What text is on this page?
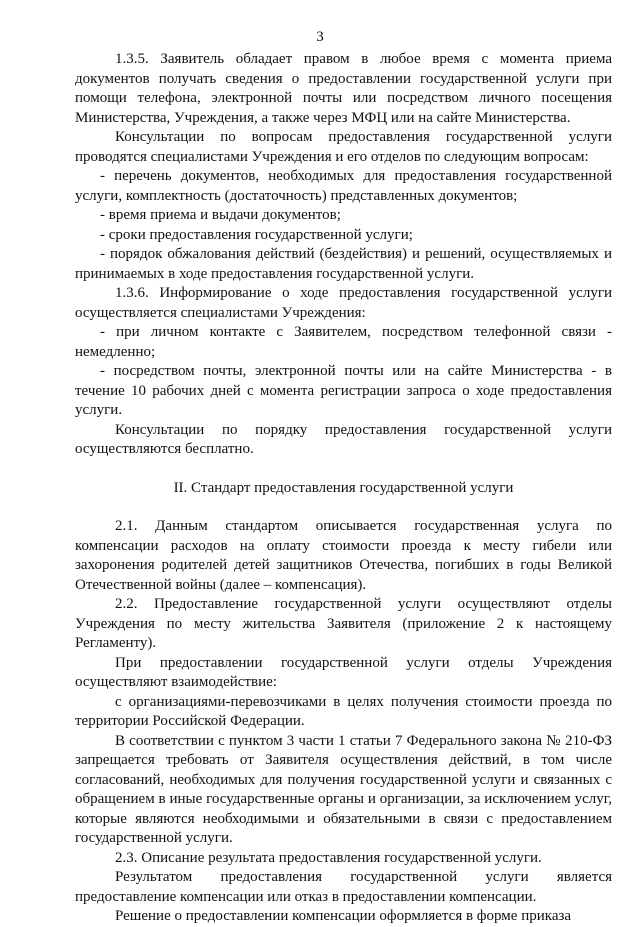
3

1.3.5. Заявитель обладает правом в любое время с момента приема документов получать сведения о предоставлении государственной услуги при помощи телефона, электронной почты или посредством личного посещения Министерства, Учреждения, а также через МФЦ или на сайте Министерства.

Консультации по вопросам предоставления государственной услуги проводятся специалистами Учреждения и его отделов по следующим вопросам:

- перечень документов, необходимых для предоставления государственной услуги, комплектность (достаточность) представленных документов;

- время приема и выдачи документов;

- сроки предоставления государственной услуги;

- порядок обжалования действий (бездействия) и решений, осуществляемых и принимаемых в ходе предоставления государственной услуги.

1.3.6. Информирование о ходе предоставления государственной услуги осуществляется специалистами Учреждения:

- при личном контакте с Заявителем, посредством телефонной связи - немедленно;

- посредством почты, электронной почты или на сайте Министерства - в течение 10 рабочих дней с момента регистрации запроса о ходе предоставления услуги.

Консультации по порядку предоставления государственной услуги осуществляются бесплатно.

II. Стандарт предоставления государственной услуги

2.1. Данным стандартом описывается государственная услуга по компенсации расходов на оплату стоимости проезда к месту гибели или захоронения родителей детей защитников Отечества, погибших в годы Великой Отечественной войны (далее – компенсация).

2.2. Предоставление государственной услуги осуществляют отделы Учреждения по месту жительства Заявителя (приложение 2 к настоящему Регламенту).

При предоставлении государственной услуги отделы Учреждения осуществляют взаимодействие:

с организациями-перевозчиками в целях получения стоимости проезда по территории Российской Федерации.

В соответствии с пунктом 3 части 1 статьи 7 Федерального закона № 210-ФЗ запрещается требовать от Заявителя осуществления действий, в том числе согласований, необходимых для получения государственной услуги и связанных с обращением в иные государственные органы и организации, за исключением услуг, которые являются необходимыми и обязательными в связи с предоставлением государственной услуги.

2.3. Описание результата предоставления государственной услуги.

Результатом предоставления государственной услуги является предоставление компенсации или отказ в предоставлении компенсации.

Решение о предоставлении компенсации оформляется в форме приказа
